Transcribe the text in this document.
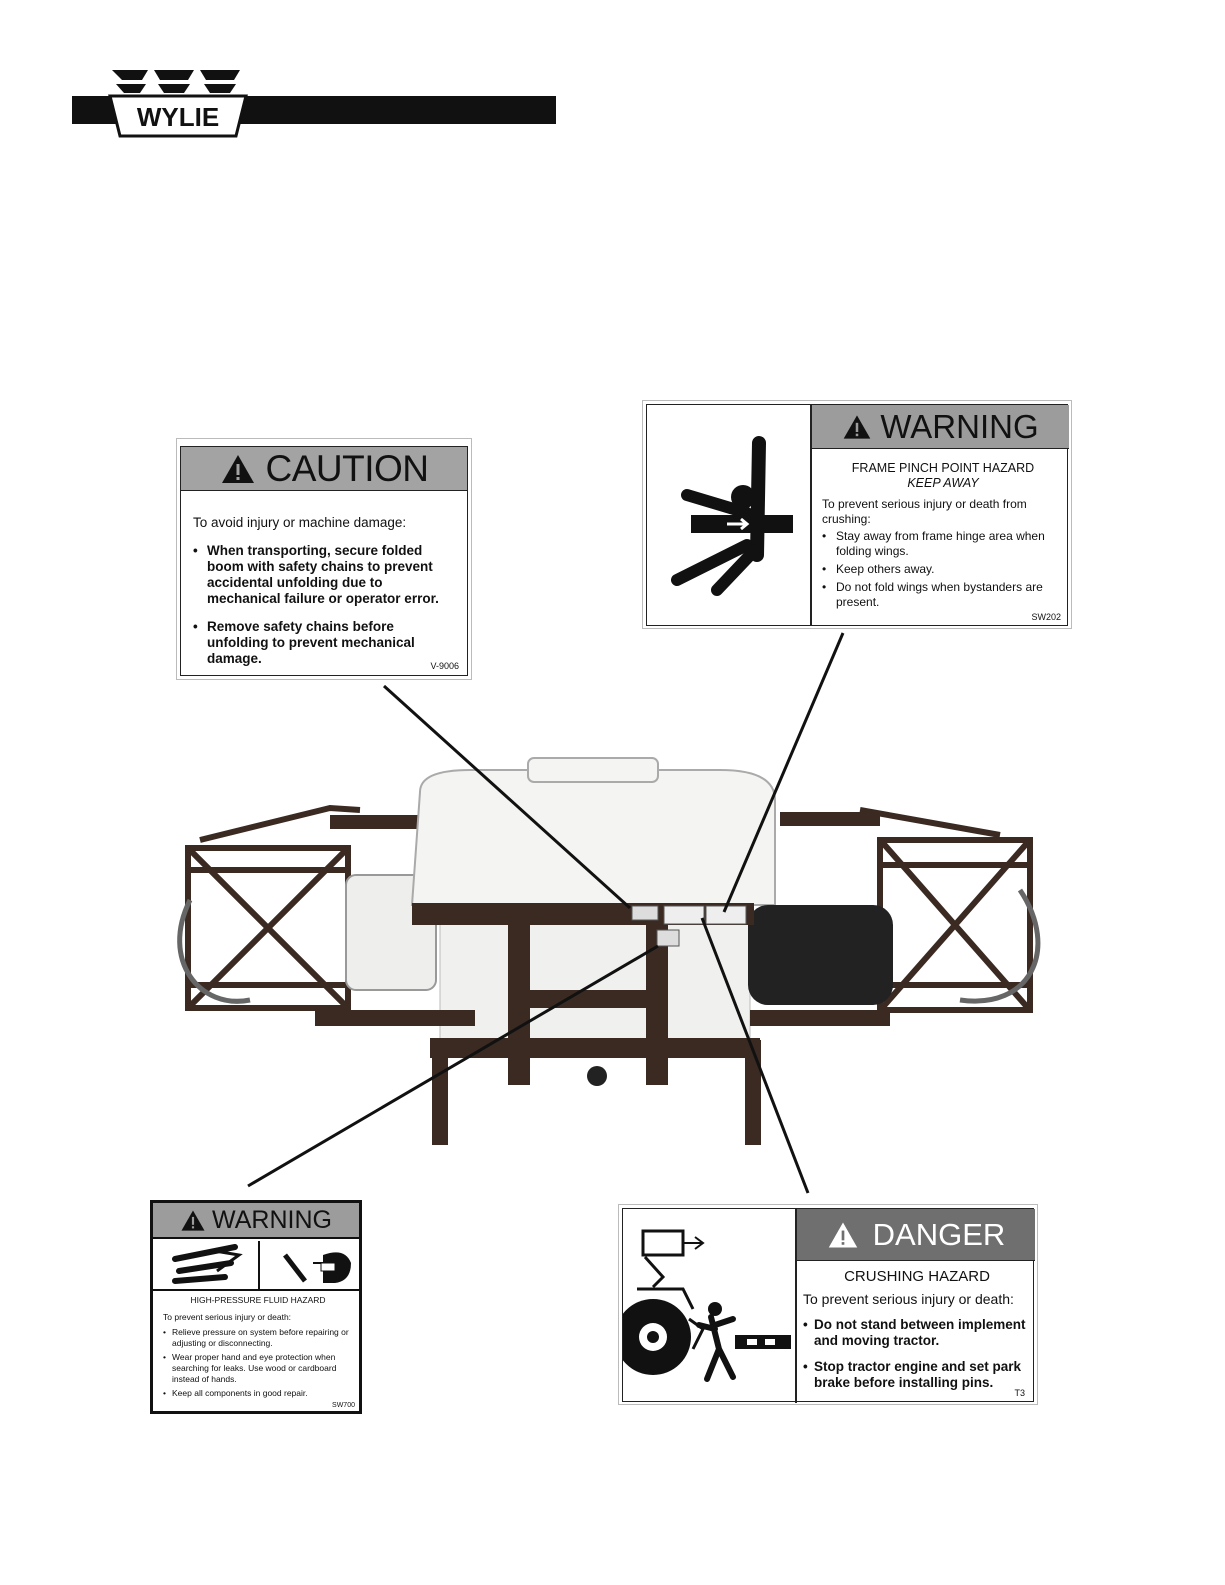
WYLIE
CAUTION
To avoid injury or machine damage:
• When transporting, secure folded boom with safety chains to prevent accidental unfolding due to mechanical failure or operator error.
• Remove safety chains before unfolding to prevent mechanical damage.	V-9006
WARNING
FRAME PINCH POINT HAZARD
KEEP AWAY
To prevent serious injury or death from crushing:
• Stay away from frame hinge area when folding wings.
• Keep others away.
• Do not fold wings when bystanders are present.
SW202
WARNING
HIGH-PRESSURE FLUID HAZARD
To prevent serious injury or death:
• Relieve pressure on system before repairing or adjusting or disconnecting.
• Wear proper hand and eye protection when searching for leaks. Use wood or cardboard instead of hands.
• Keep all components in good repair.
SW700
DANGER
CRUSHING HAZARD
To prevent serious injury or death:
• Do not stand between implement and moving tractor.
• Stop tractor engine and set park brake before installing pins.
T3
